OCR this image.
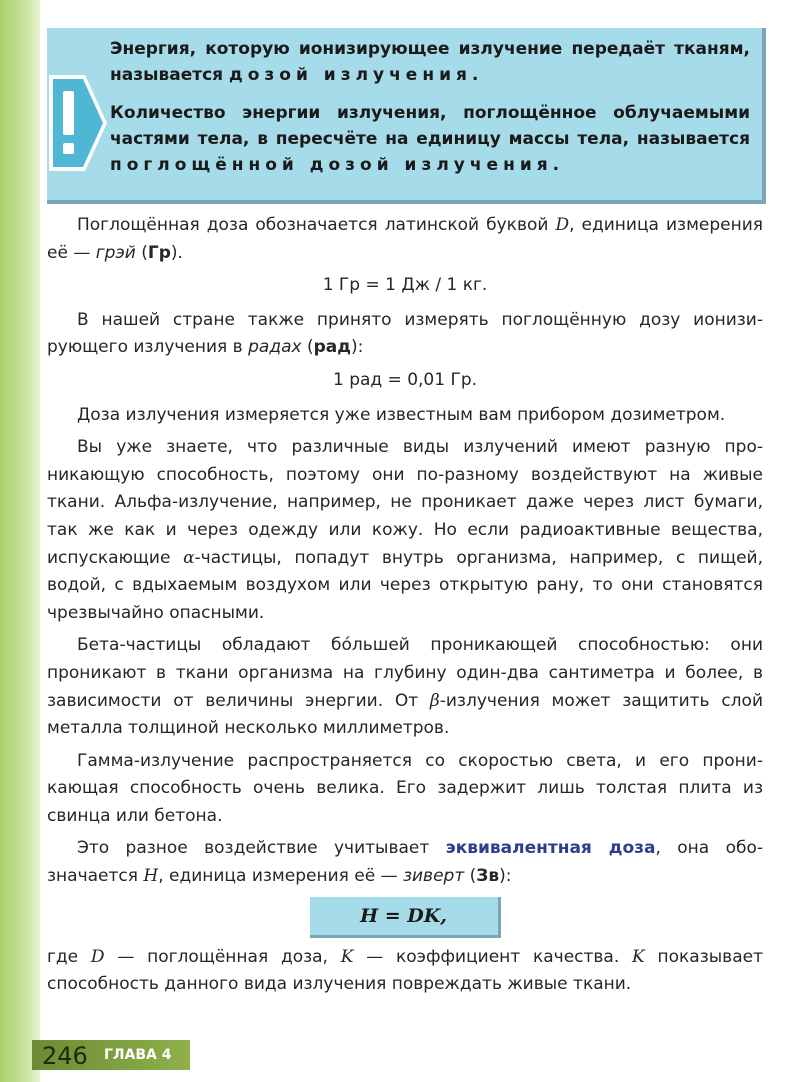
Энергия, которую ионизирующее излучение передаёт тканям, называется дозой излучения.

Количество энергии излучения, поглощённое облучаемыми частями тела, в пересчёте на единицу массы тела, называется поглощённой дозой излучения.

Поглощённая доза обозначается латинской буквой D, единица измерения её — грэй (Гр).

1 Гр = 1 Дж / 1 кг.

В нашей стране также принято измерять поглощённую дозу ионизирующего излучения в радах (рад):

1 рад = 0,01 Гр.

Доза излучения измеряется уже известным вам прибором дозиметром.

Вы уже знаете, что различные виды излучений имеют разную проникающую способность, поэтому они по-разному воздействуют на живые ткани. Альфа-излучение, например, не проникает даже через лист бумаги, так же как и через одежду или кожу. Но если радиоактивные вещества, испускающие α-частицы, попадут внутрь организма, например, с пищей, водой, с вдыхаемым воздухом или через открытую рану, то они становятся чрезвычайно опасными.

Бета-частицы обладают бóльшей проникающей способностью: они проникают в ткани организма на глубину один-два сантиметра и более, в зависимости от величины энергии. От β-излучения может защитить слой металла толщиной несколько миллиметров.

Гамма-излучение распространяется со скоростью света, и его проникающая способность очень велика. Его задержит лишь толстая плита из свинца или бетона.

Это разное воздействие учитывает эквивалентная доза, она обозначается H, единица измерения её — зиверт (Зв):

H = DK,

где D — поглощённая доза, K — коэффициент качества. K показывает способность данного вида излучения повреждать живые ткани.

246 ГЛАВА 4
